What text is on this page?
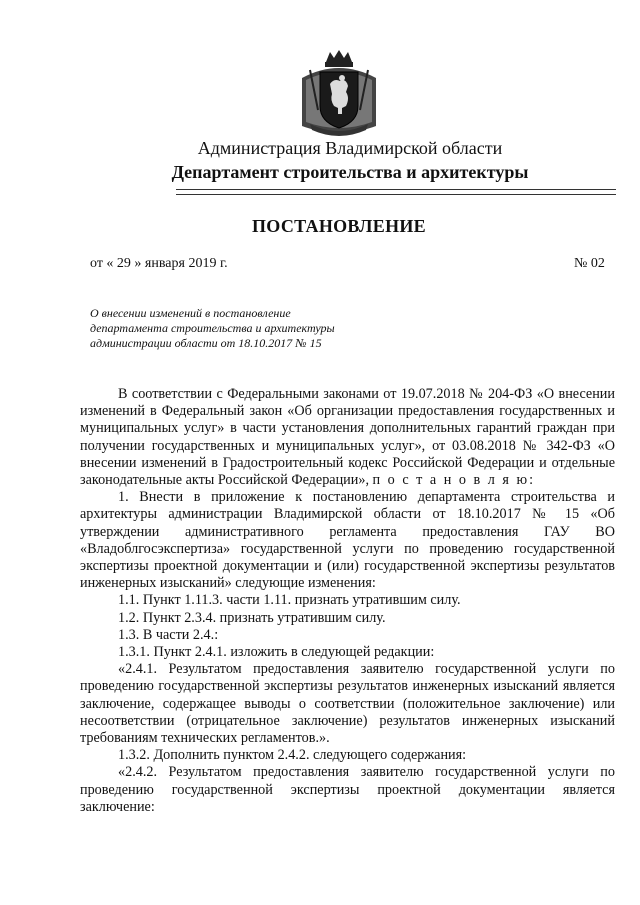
Администрация Владимирской области
Департамент строительства и архитектуры
ПОСТАНОВЛЕНИЕ
от « 29 » января 2019 г.	№ 02
О внесении изменений в постановление
департамента строительства и архитектуры
администрации области от 18.10.2017 № 15

В соответствии с Федеральными законами от 19.07.2018 № 204-ФЗ «О внесении изменений в Федеральный закон «Об организации предоставления государственных и муниципальных услуг» в части установления дополнительных гарантий граждан при получении государственных и муниципальных услуг», от 03.08.2018 № 342-ФЗ «О внесении изменений в Градостроительный кодекс Российской Федерации и отдельные законодательные акты Российской Федерации», п о с т а н о в л я ю:

1. Внести в приложение к постановлению департамента строительства и архитектуры администрации Владимирской области от 18.10.2017 № 15 «Об утверждении административного регламента предоставления ГАУ ВО «Владоблгосэкспертиза» государственной услуги по проведению государственной экспертизы проектной документации и (или) государственной экспертизы результатов инженерных изысканий» следующие изменения:

1.1. Пункт 1.11.3. части 1.11. признать утратившим силу.

1.2. Пункт 2.3.4. признать утратившим силу.

1.3. В части 2.4.:

1.3.1. Пункт 2.4.1. изложить в следующей редакции:

«2.4.1. Результатом предоставления заявителю государственной услуги по проведению государственной экспертизы результатов инженерных изысканий является заключение, содержащее выводы о соответствии (положительное заключение) или несоответствии (отрицательное заключение) результатов инженерных изысканий требованиям технических регламентов.».

1.3.2. Дополнить пунктом 2.4.2. следующего содержания:

«2.4.2. Результатом предоставления заявителю государственной услуги по проведению государственной экспертизы проектной документации является заключение:
